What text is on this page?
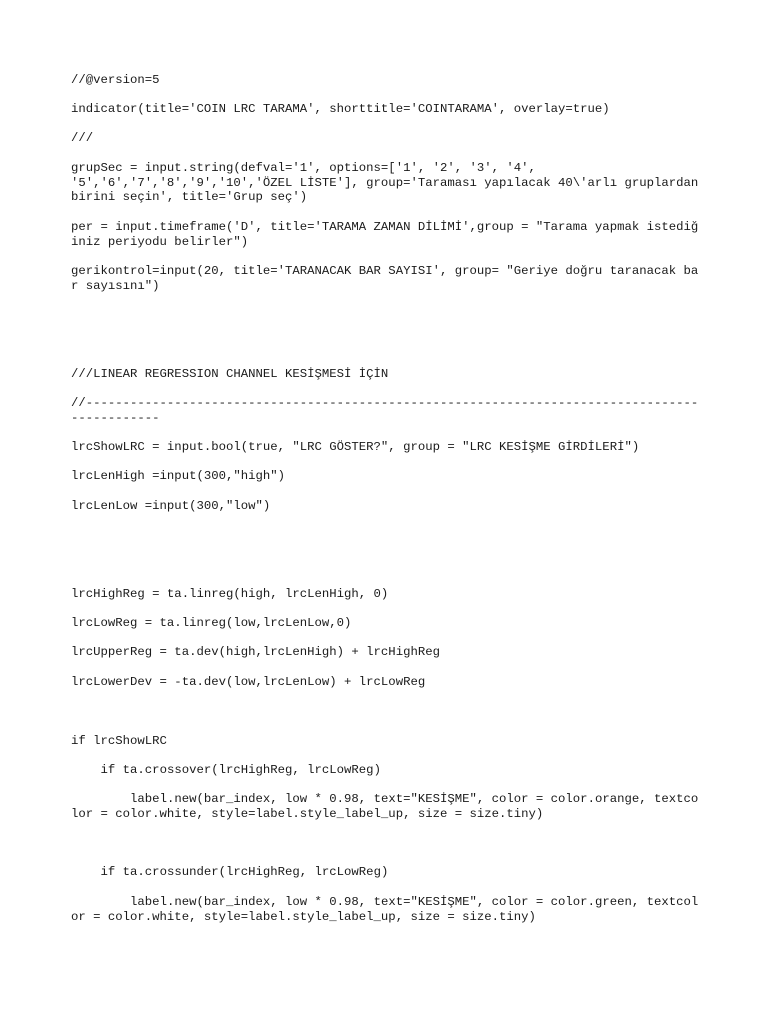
//@version=5

indicator(title='COIN LRC TARAMA', shorttitle='COINTARAMA', overlay=true)

///

grupSec = input.string(defval='1', options=['1', '2', '3', '4', '5','6','7','8','9','10','ÖZEL LİSTE'], group='Taraması yapılacak 40\'arlı gruplardan birini seçin', title='Grup seç')

per = input.timeframe('D', title='TARAMA ZAMAN DİLİMİ',group = "Tarama yapmak istediğiniz periyodu belirler")

gerikontrol=input(20, title='TARANACAK BAR SAYISI', group= "Geriye doğru taranacak bar sayısını")

///LINEAR REGRESSION CHANNEL KESİŞMESİ İÇİN

//-----------------------------------------------------------------------------------------------

lrcShowLRC = input.bool(true, "LRC GÖSTER?", group = "LRC KESİŞME GİRDİLERİ")

lrcLenHigh =input(300,"high")

lrcLenLow =input(300,"low")

lrcHighReg = ta.linreg(high, lrcLenHigh, 0)

lrcLowReg = ta.linreg(low,lrcLenLow,0)

lrcUpperReg = ta.dev(high,lrcLenHigh) + lrcHighReg

lrcLowerDev = -ta.dev(low,lrcLenLow) + lrcLowReg

if lrcShowLRC

if ta.crossover(lrcHighReg, lrcLowReg)

label.new(bar_index, low * 0.98, text="KESİŞME", color = color.orange, textcolor = color.white, style=label.style_label_up, size = size.tiny)

if ta.crossunder(lrcHighReg, lrcLowReg)

label.new(bar_index, low * 0.98, text="KESİŞME", color = color.green, textcolor = color.white, style=label.style_label_up, size = size.tiny)
